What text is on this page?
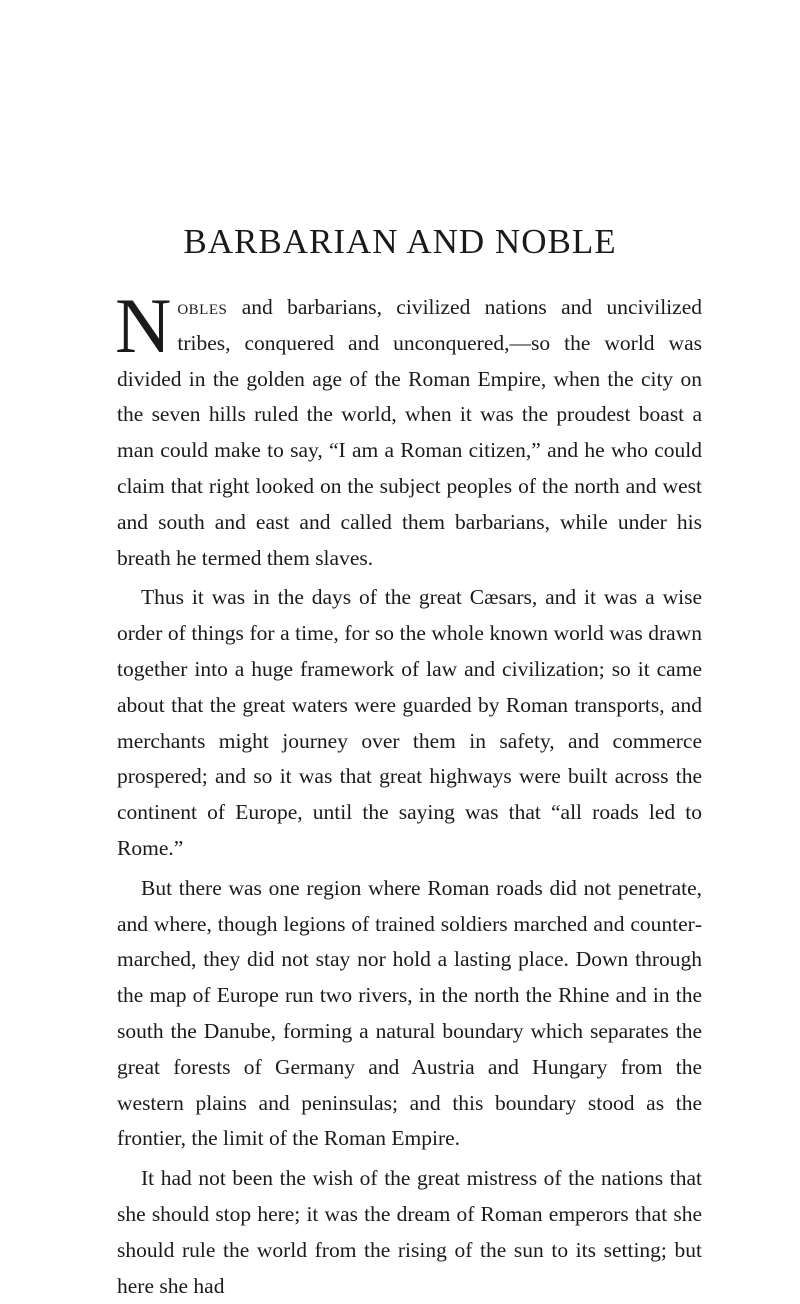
BARBARIAN AND NOBLE

Nobles and barbarians, civilized nations and uncivilized tribes, conquered and unconquered,—so the world was divided in the golden age of the Roman Empire, when the city on the seven hills ruled the world, when it was the proudest boast a man could make to say, “I am a Roman citizen,” and he who could claim that right looked on the subject peoples of the north and west and south and east and called them barbarians, while under his breath he termed them slaves.

Thus it was in the days of the great Cæsars, and it was a wise order of things for a time, for so the whole known world was drawn together into a huge framework of law and civilization; so it came about that the great waters were guarded by Roman transports, and merchants might journey over them in safety, and commerce prospered; and so it was that great highways were built across the continent of Europe, until the saying was that “all roads led to Rome.”

But there was one region where Roman roads did not penetrate, and where, though legions of trained soldiers marched and countermarched, they did not stay nor hold a lasting place. Down through the map of Europe run two rivers, in the north the Rhine and in the south the Danube, forming a natural boundary which separates the great forests of Germany and Austria and Hungary from the western plains and peninsulas; and this boundary stood as the frontier, the limit of the Roman Empire.

It had not been the wish of the great mistress of the nations that she should stop here; it was the dream of Roman emperors that she should rule the world from the rising of the sun to its setting; but here she had
